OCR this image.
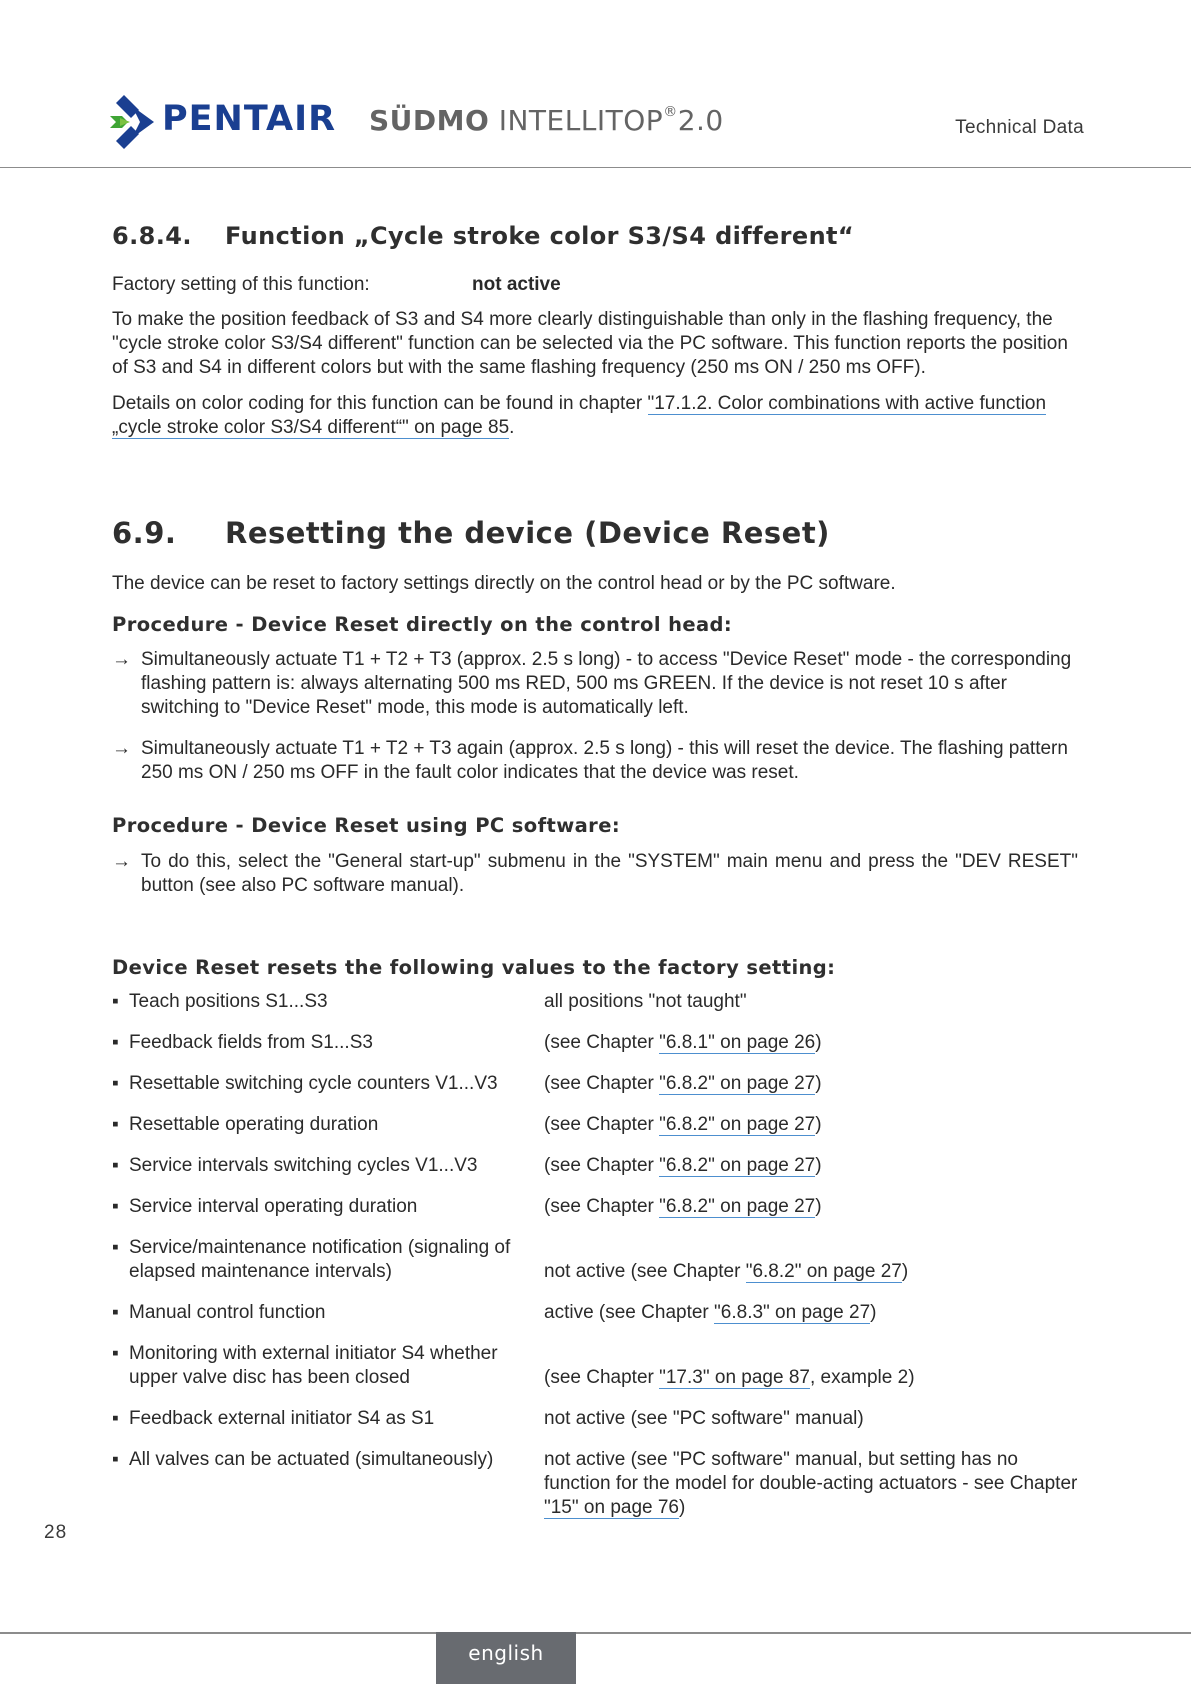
PENTAIR SÜDMO INTELLITOP®2.0	Technical Data
6.8.4. Function „Cycle stroke color S3/S4 different“
Factory setting of this function:	not active
To make the position feedback of S3 and S4 more clearly distinguishable than only in the flashing frequency, the "cycle stroke color S3/S4 different" function can be selected via the PC software. This function reports the position of S3 and S4 in different colors but with the same flashing frequency (250 ms ON / 250 ms OFF).
Details on color coding for this function can be found in chapter "17.1.2. Color combinations with active function „cycle stroke color S3/S4 different“" on page 85.
6.9. Resetting the device (Device Reset)
The device can be reset to factory settings directly on the control head or by the PC software.
Procedure - Device Reset directly on the control head:
→ Simultaneously actuate T1 + T2 + T3 (approx. 2.5 s long) - to access "Device Reset" mode - the corresponding flashing pattern is: always alternating 500 ms RED, 500 ms GREEN. If the device is not reset 10 s after switching to "Device Reset" mode, this mode is automatically left.
→ Simultaneously actuate T1 + T2 + T3 again (approx. 2.5 s long) - this will reset the device. The flashing pattern 250 ms ON / 250 ms OFF in the fault color indicates that the device was reset.
Procedure - Device Reset using PC software:
→ To do this, select the "General start-up" submenu in the "SYSTEM" main menu and press the "DEV RESET" button (see also PC software manual).
Device Reset resets the following values to the factory setting:
▪ Teach positions S1...S3	all positions "not taught"
▪ Feedback fields from S1...S3	(see Chapter "6.8.1" on page 26)
▪ Resettable switching cycle counters V1...V3	(see Chapter "6.8.2" on page 27)
▪ Resettable operating duration	(see Chapter "6.8.2" on page 27)
▪ Service intervals switching cycles V1...V3	(see Chapter "6.8.2" on page 27)
▪ Service interval operating duration	(see Chapter "6.8.2" on page 27)
▪ Service/maintenance notification (signaling of elapsed maintenance intervals)	not active (see Chapter "6.8.2" on page 27)
▪ Manual control function	active (see Chapter "6.8.3" on page 27)
▪ Monitoring with external initiator S4 whether upper valve disc has been closed	(see Chapter "17.3" on page 87, example 2)
▪ Feedback external initiator S4 as S1	not active (see "PC software" manual)
▪ All valves can be actuated (simultaneously)	not active (see "PC software" manual, but setting has no function for the model for double-acting actuators - see Chapter "15" on page 76)
28
english
